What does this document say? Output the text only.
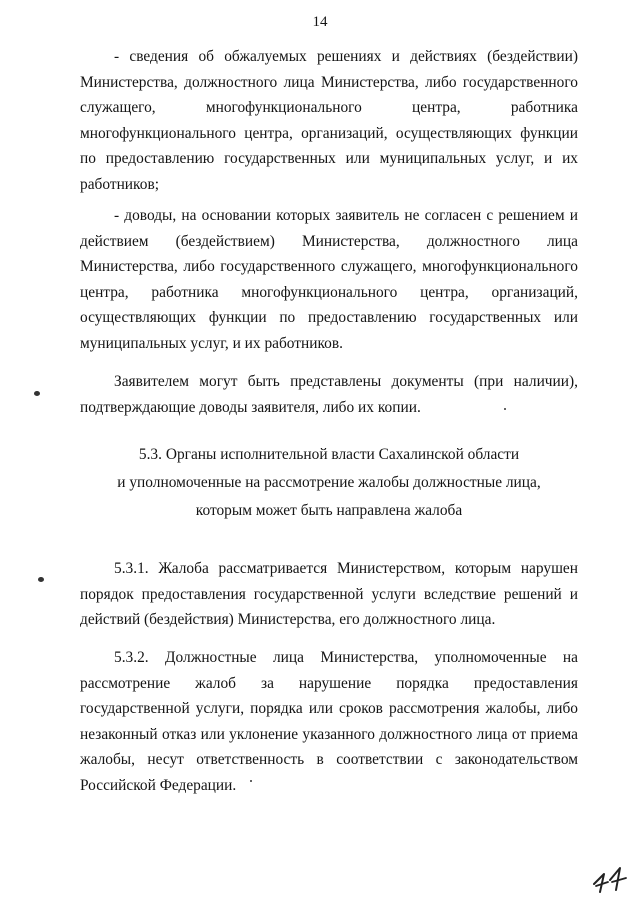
14

- сведения об обжалуемых решениях и действиях (бездействии) Министерства, должностного лица Министерства, либо государственного служащего, многофункционального центра, работника многофункционального центра, организаций, осуществляющих функции по предоставлению государственных или муниципальных услуг, и их работников;

- доводы, на основании которых заявитель не согласен с решением и действием (бездействием) Министерства, должностного лица Министерства, либо государственного служащего, многофункционального центра, работника многофункционального центра, организаций, осуществляющих функции по предоставлению государственных или муниципальных услуг, и их работников.

Заявителем могут быть представлены документы (при наличии), подтверждающие доводы заявителя, либо их копии.

5.3. Органы исполнительной власти Сахалинской области
и уполномоченные на рассмотрение жалобы должностные лица,
которым может быть направлена жалоба

5.3.1. Жалоба рассматривается Министерством, которым нарушен порядок предоставления государственной услуги вследствие решений и действий (бездействия) Министерства, его должностного лица.

5.3.2. Должностные лица Министерства, уполномоченные на рассмотрение жалоб за нарушение порядка предоставления государственной услуги, порядка или сроков рассмотрения жалобы, либо незаконный отказ или уклонение указанного должностного лица от приема жалобы, несут ответственность в соответствии с законодательством Российской Федерации.
